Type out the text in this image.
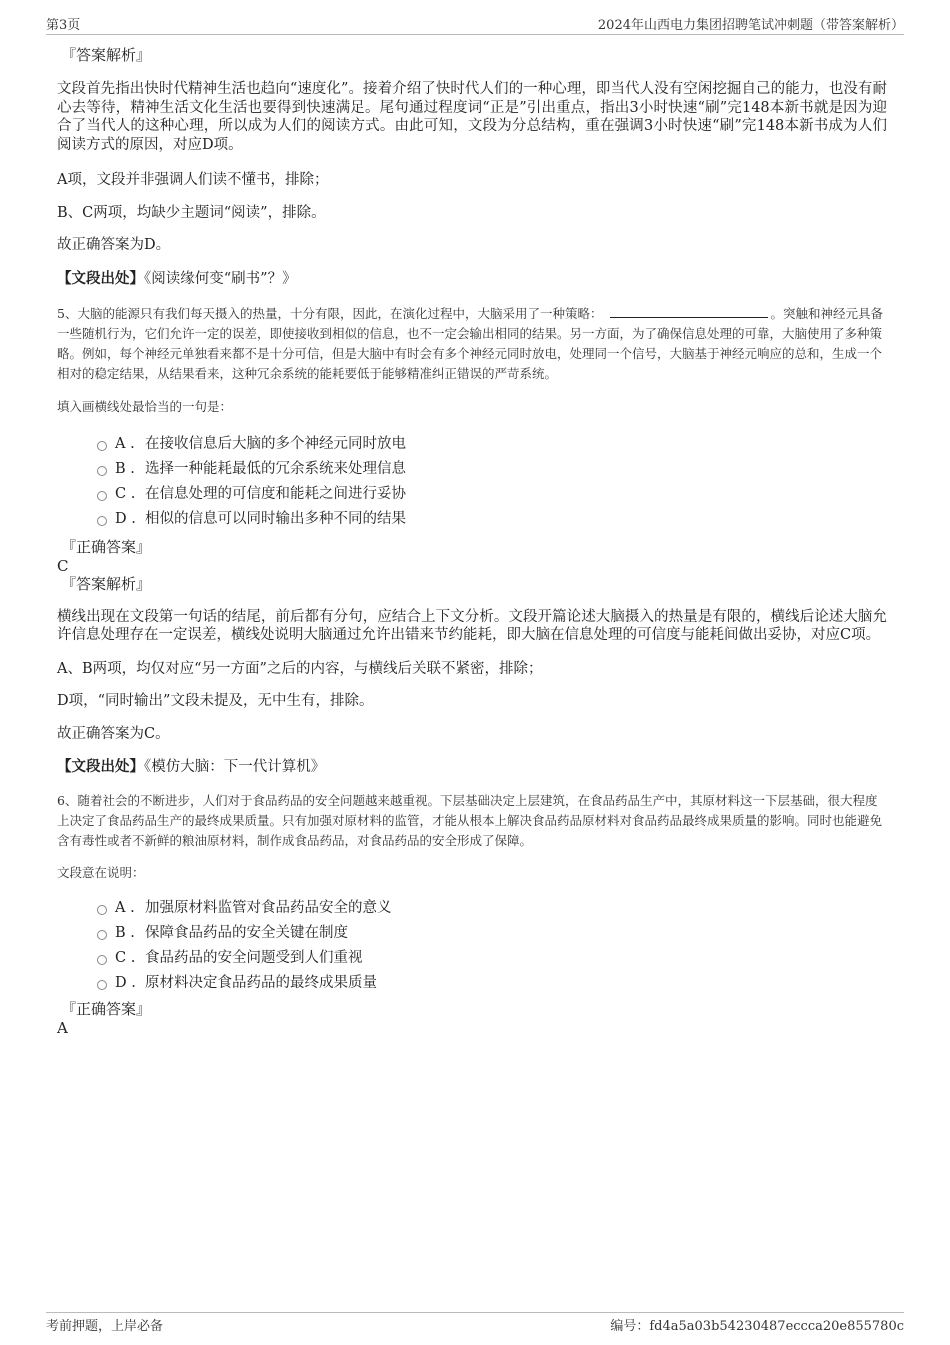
第3页	2024年山西电力集团招聘笔试冲刺题（带答案解析）

『答案解析』

文段首先指出快时代精神生活也趋向“速度化”。接着介绍了快时代人们的一种心理，即当代人没有空闲挖掘自己的能力，也没有耐心去等待，精神生活文化生活也要得到快速满足。尾句通过程度词“正是”引出重点，指出3小时快速“刷”完148本新书就是因为迎合了当代人的这种心理，所以成为人们的阅读方式。由此可知，文段为分总结构，重在强调3小时快速“刷”完148本新书成为人们阅读方式的原因，对应D项。

A项，文段并非强调人们读不懂书，排除；

B、C两项，均缺少主题词“阅读”，排除。

故正确答案为D。

【文段出处】《阅读缘何变“刷书”？》

5、大脑的能源只有我们每天摄入的热量，十分有限，因此，在演化过程中，大脑采用了一种策略：	。突触和神经元具备一些随机行为，它们允许一定的误差，即使接收到相似的信息，也不一定会输出相同的结果。另一方面，为了确保信息处理的可靠，大脑使用了多种策略。例如，每个神经元单独看来都不是十分可信，但是大脑中有时会有多个神经元同时放电，处理同一个信号，大脑基于神经元响应的总和，生成一个相对的稳定结果，从结果看来，这种冗余系统的能耗要低于能够精准纠正错误的严苛系统。

填入画横线处最恰当的一句是：

A . 在接收信息后大脑的多个神经元同时放电
B . 选择一种能耗最低的冗余系统来处理信息
C . 在信息处理的可信度和能耗之间进行妥协
D . 相似的信息可以同时输出多种不同的结果

『正确答案』

C

『答案解析』

横线出现在文段第一句话的结尾，前后都有分句，应结合上下文分析。文段开篇论述大脑摄入的热量是有限的，横线后论述大脑允许信息处理存在一定误差，横线处说明大脑通过允许出错来节约能耗，即大脑在信息处理的可信度与能耗间做出妥协，对应C项。

A、B两项，均仅对应“另一方面”之后的内容，与横线后关联不紧密，排除；

D项，“同时输出”文段未提及，无中生有，排除。

故正确答案为C。

【文段出处】《模仿大脑：下一代计算机》

6、随着社会的不断进步，人们对于食品药品的安全问题越来越重视。下层基础决定上层建筑，在食品药品生产中，其原材料这一下层基础，很大程度上决定了食品药品生产的最终成果质量。只有加强对原材料的监管，才能从根本上解决食品药品原材料对食品药品最终成果质量的影响。同时也能避免含有毒性或者不新鲜的粮油原材料，制作成食品药品，对食品药品的安全形成了保障。

文段意在说明：

A . 加强原材料监管对食品药品安全的意义
B . 保障食品药品的安全关键在制度
C . 食品药品的安全问题受到人们重视
D . 原材料决定食品药品的最终成果质量

『正确答案』

A

考前押题，上岸必备	编号：fd4a5a03b54230487eccca20e855780c
